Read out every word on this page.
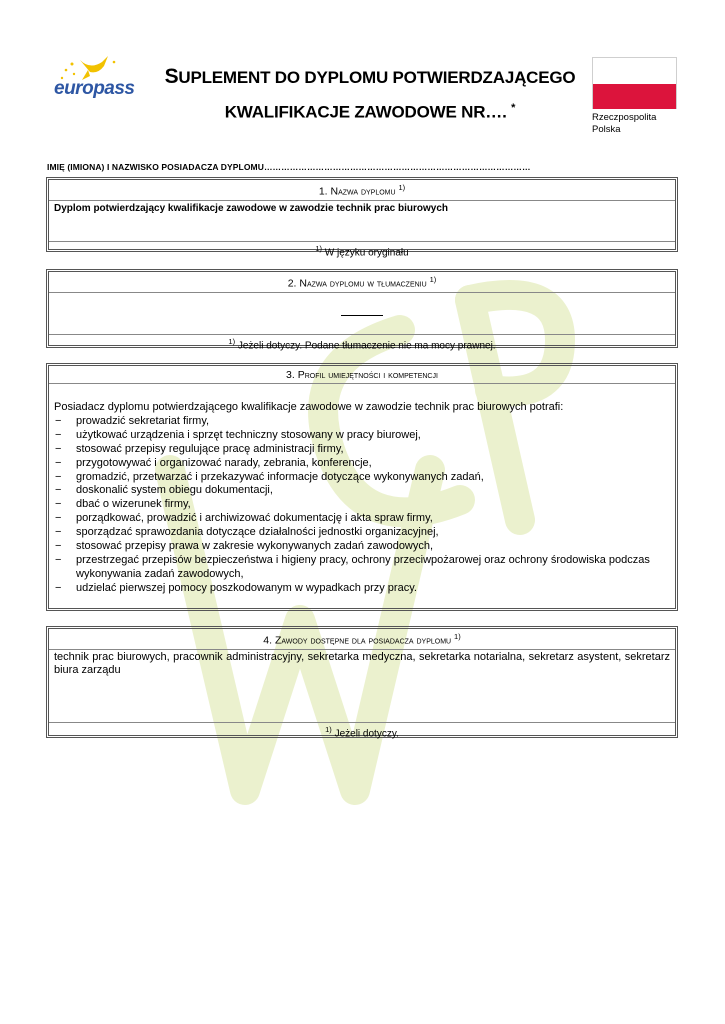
europass
SUPLEMENT DO DYPLOMU POTWIERDZAJĄCEGO
KWALIFIKACJE ZAWODOWE NR…. *
Rzeczpospolita
Polska
IMIĘ (IMIONA) I NAZWISKO POSIADACZA DYPLOMU…………………………………………………………………………………
1. Nazwa dyplomu $^{1)}$
Dyplom potwierdzający kwalifikacje zawodowe w zawodzie technik prac biurowych
$^{1)}$ W języku oryginału
2. Nazwa dyplomu w tłumaczeniu $^{1)}$
$^{1)}$ Jeżeli dotyczy. Podane tłumaczenie nie ma mocy prawnej.
3. Profil umiejętności i kompetencji
Posiadacz dyplomu potwierdzającego kwalifikacje zawodowe w zawodzie technik prac biurowych potrafi:
− prowadzić sekretariat firmy,
− użytkować urządzenia i sprzęt techniczny stosowany w pracy biurowej,
− stosować przepisy regulujące pracę administracji firmy,
− przygotowywać i organizować narady, zebrania, konferencje,
− gromadzić, przetwarzać i przekazywać informacje dotyczące wykonywanych zadań,
− doskonalić system obiegu dokumentacji,
− dbać o wizerunek firmy,
− porządkować, prowadzić i archiwizować dokumentację i akta spraw firmy,
− sporządzać sprawozdania dotyczące działalności jednostki organizacyjnej,
− stosować przepisy prawa w zakresie wykonywanych zadań zawodowych,
− przestrzegać przepisów bezpieczeństwa i higieny pracy, ochrony przeciwpożarowej oraz ochrony środowiska podczas wykonywania zadań zawodowych,
− udzielać pierwszej pomocy poszkodowanym w wypadkach przy pracy.
4. Zawody dostępne dla posiadacza dyplomu $^{1)}$
technik prac biurowych, pracownik administracyjny, sekretarka medyczna, sekretarka notarialna, sekretarz asystent, sekretarz biura zarządu
$^{1)}$ Jeżeli dotyczy.
